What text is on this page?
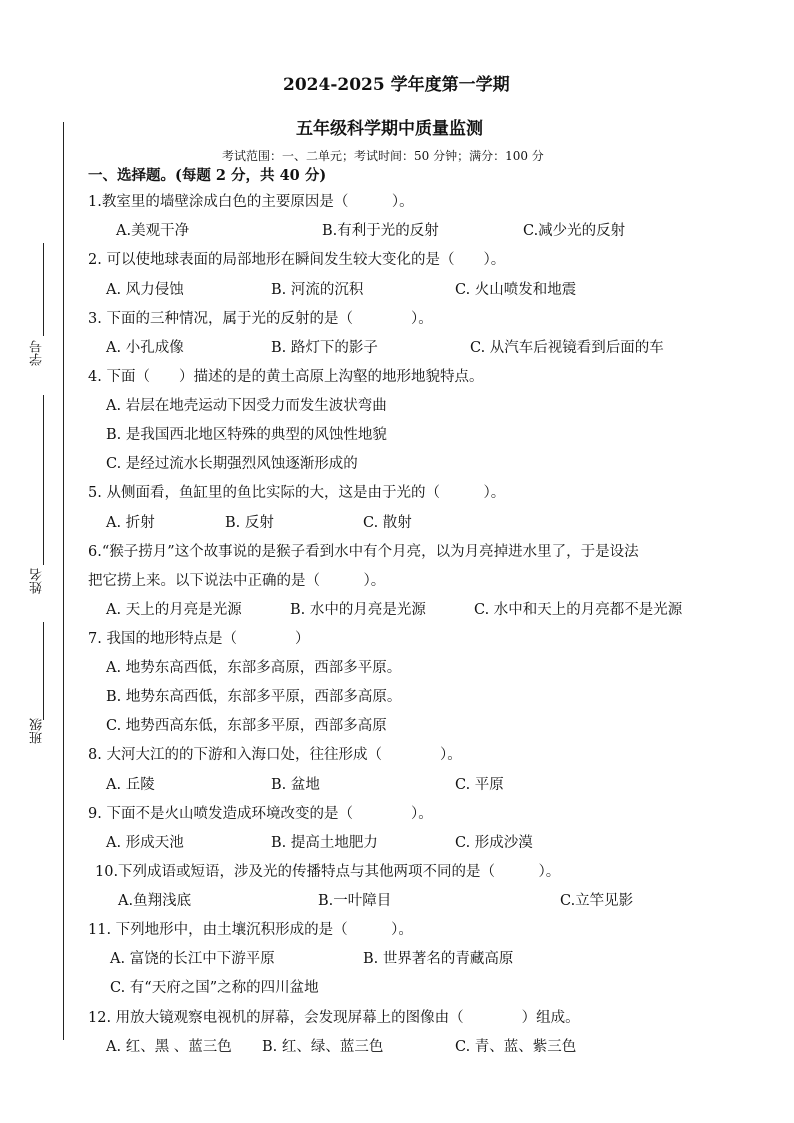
学号
姓名
班级
2024-2025 学年度第一学期
五年级科学期中质量监测
考试范围：一、二单元；考试时间：50 分钟；满分：100 分
一、选择题。(每题 2 分，共 40 分)
1.教室里的墙壁涂成白色的主要原因是（　　　）。
A.美观干净	B.有利于光的反射	C.减少光的反射
2. 可以使地球表面的局部地形在瞬间发生较大变化的是（　　）。
A. 风力侵蚀	B. 河流的沉积	C. 火山喷发和地震
3. 下面的三种情况，属于光的反射的是（　　　　）。
A. 小孔成像	B. 路灯下的影子	C. 从汽车后视镜看到后面的车
4. 下面（　　）描述的是的黄土高原上沟壑的地形地貌特点。
A. 岩层在地壳运动下因受力而发生波状弯曲
B. 是我国西北地区特殊的典型的风蚀性地貌
C. 是经过流水长期强烈风蚀逐渐形成的
5. 从侧面看，鱼缸里的鱼比实际的大，这是由于光的（　　　）。
A. 折射	B. 反射	C. 散射
6.“猴子捞月”这个故事说的是猴子看到水中有个月亮，以为月亮掉进水里了，于是设法
把它捞上来。以下说法中正确的是（　　　）。
A. 天上的月亮是光源	B. 水中的月亮是光源	C. 水中和天上的月亮都不是光源
7. 我国的地形特点是（　　　　）
A. 地势东高西低，东部多高原，西部多平原。
B. 地势东高西低，东部多平原，西部多高原。
C. 地势西高东低，东部多平原，西部多高原
8. 大河大江的的下游和入海口处，往往形成（　　　　）。
A. 丘陵	B. 盆地	C. 平原
9. 下面不是火山喷发造成环境改变的是（　　　　）。
A. 形成天池	B. 提高土地肥力	C. 形成沙漠
10.下列成语或短语，涉及光的传播特点与其他两项不同的是（　　　）。
A.鱼翔浅底	B.一叶障目	C.立竿见影
11. 下列地形中，由土壤沉积形成的是（　　　）。
A. 富饶的长江中下游平原	B. 世界著名的青藏高原
C. 有“天府之国”之称的四川盆地
12. 用放大镜观察电视机的屏幕，会发现屏幕上的图像由（　　　　）组成。
A. 红、黑 、蓝三色 B. 红、绿、蓝三色	C. 青、蓝、紫三色
